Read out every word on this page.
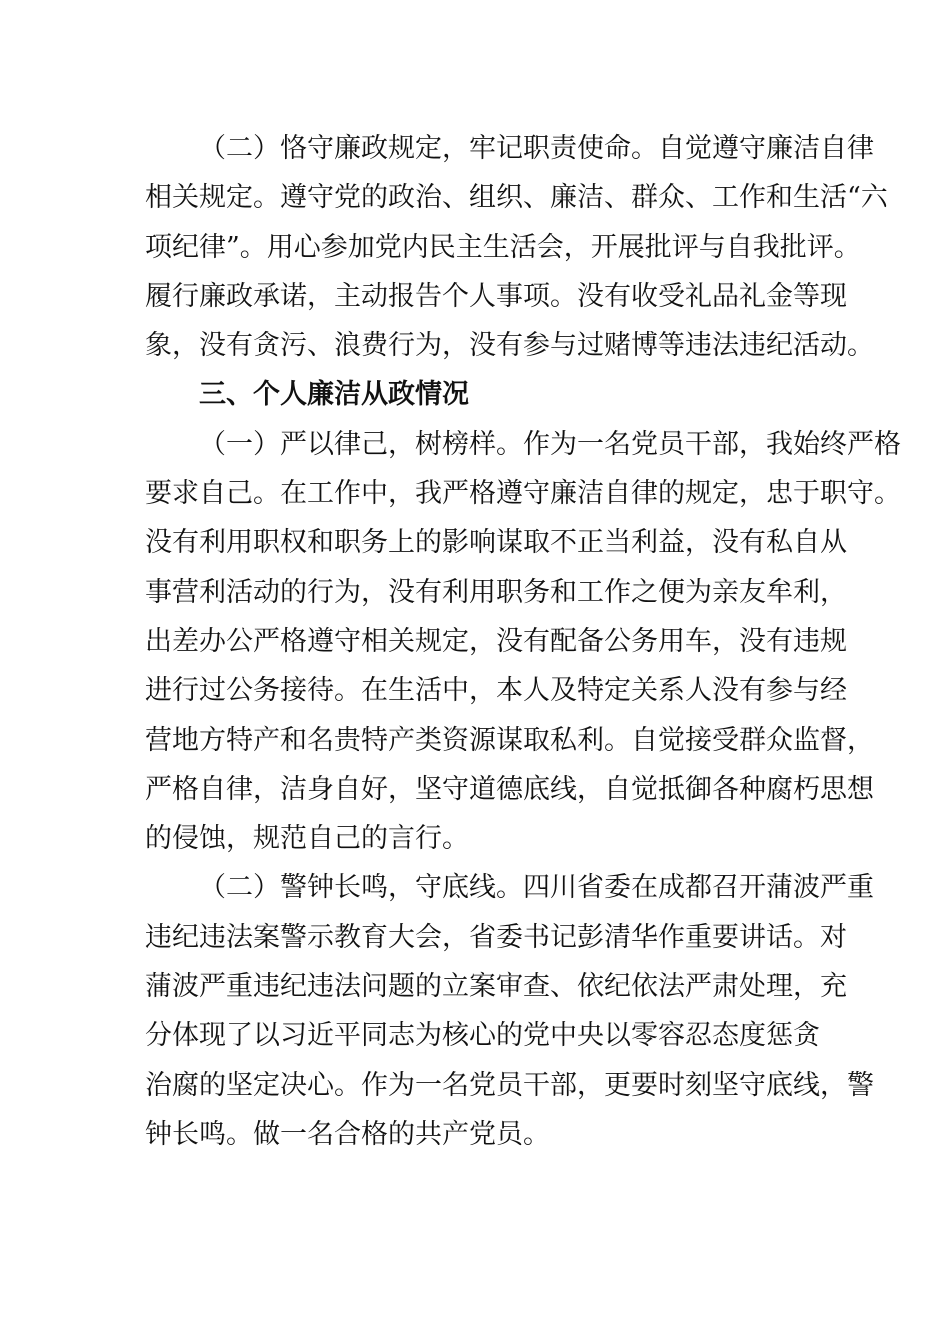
（二）恪守廉政规定，牢记职责使命。自觉遵守廉洁自律
相关规定。遵守党的政治、组织、廉洁、群众、工作和生活“六
项纪律”。用心参加党内民主生活会，开展批评与自我批评。
履行廉政承诺，主动报告个人事项。没有收受礼品礼金等现
象，没有贪污、浪费行为，没有参与过赌博等违法违纪活动。
三、个人廉洁从政情况
（一）严以律己，树榜样。作为一名党员干部，我始终严格
要求自己。在工作中，我严格遵守廉洁自律的规定，忠于职守。
没有利用职权和职务上的影响谋取不正当利益，没有私自从
事营利活动的行为，没有利用职务和工作之便为亲友牟利，
出差办公严格遵守相关规定，没有配备公务用车，没有违规
进行过公务接待。在生活中，本人及特定关系人没有参与经
营地方特产和名贵特产类资源谋取私利。自觉接受群众监督，
严格自律，洁身自好，坚守道德底线，自觉抵御各种腐朽思想
的侵蚀，规范自己的言行。
（二）警钟长鸣，守底线。四川省委在成都召开蒲波严重
违纪违法案警示教育大会，省委书记彭清华作重要讲话。对
蒲波严重违纪违法问题的立案审查、依纪依法严肃处理，充
分体现了以习近平同志为核心的党中央以零容忍态度惩贪
治腐的坚定决心。作为一名党员干部，更要时刻坚守底线，警
钟长鸣。做一名合格的共产党员。
